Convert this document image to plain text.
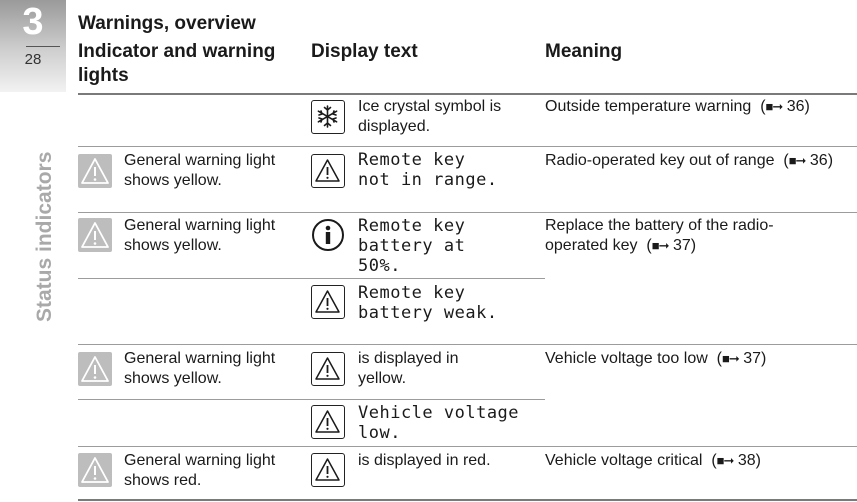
3
28
Status indicators
Warnings, overview
Indicator and warning lights
Display text	Meaning
Ice crystal symbol is displayed.
Outside temperature warning  (■➞ 36)
General warning light shows yellow.
Remote key not in range.
Radio-operated key out of range  (■➞ 36)
General warning light shows yellow.
Remote key battery at 50%.
Replace the battery of the radio-operated key  (■➞ 37)
Remote key battery weak.
General warning light shows yellow.
is displayed in yellow.
Vehicle voltage too low  (■➞ 37)
Vehicle voltage low.
General warning light shows red.
is displayed in red.	Vehicle voltage critical  (■➞ 38)
